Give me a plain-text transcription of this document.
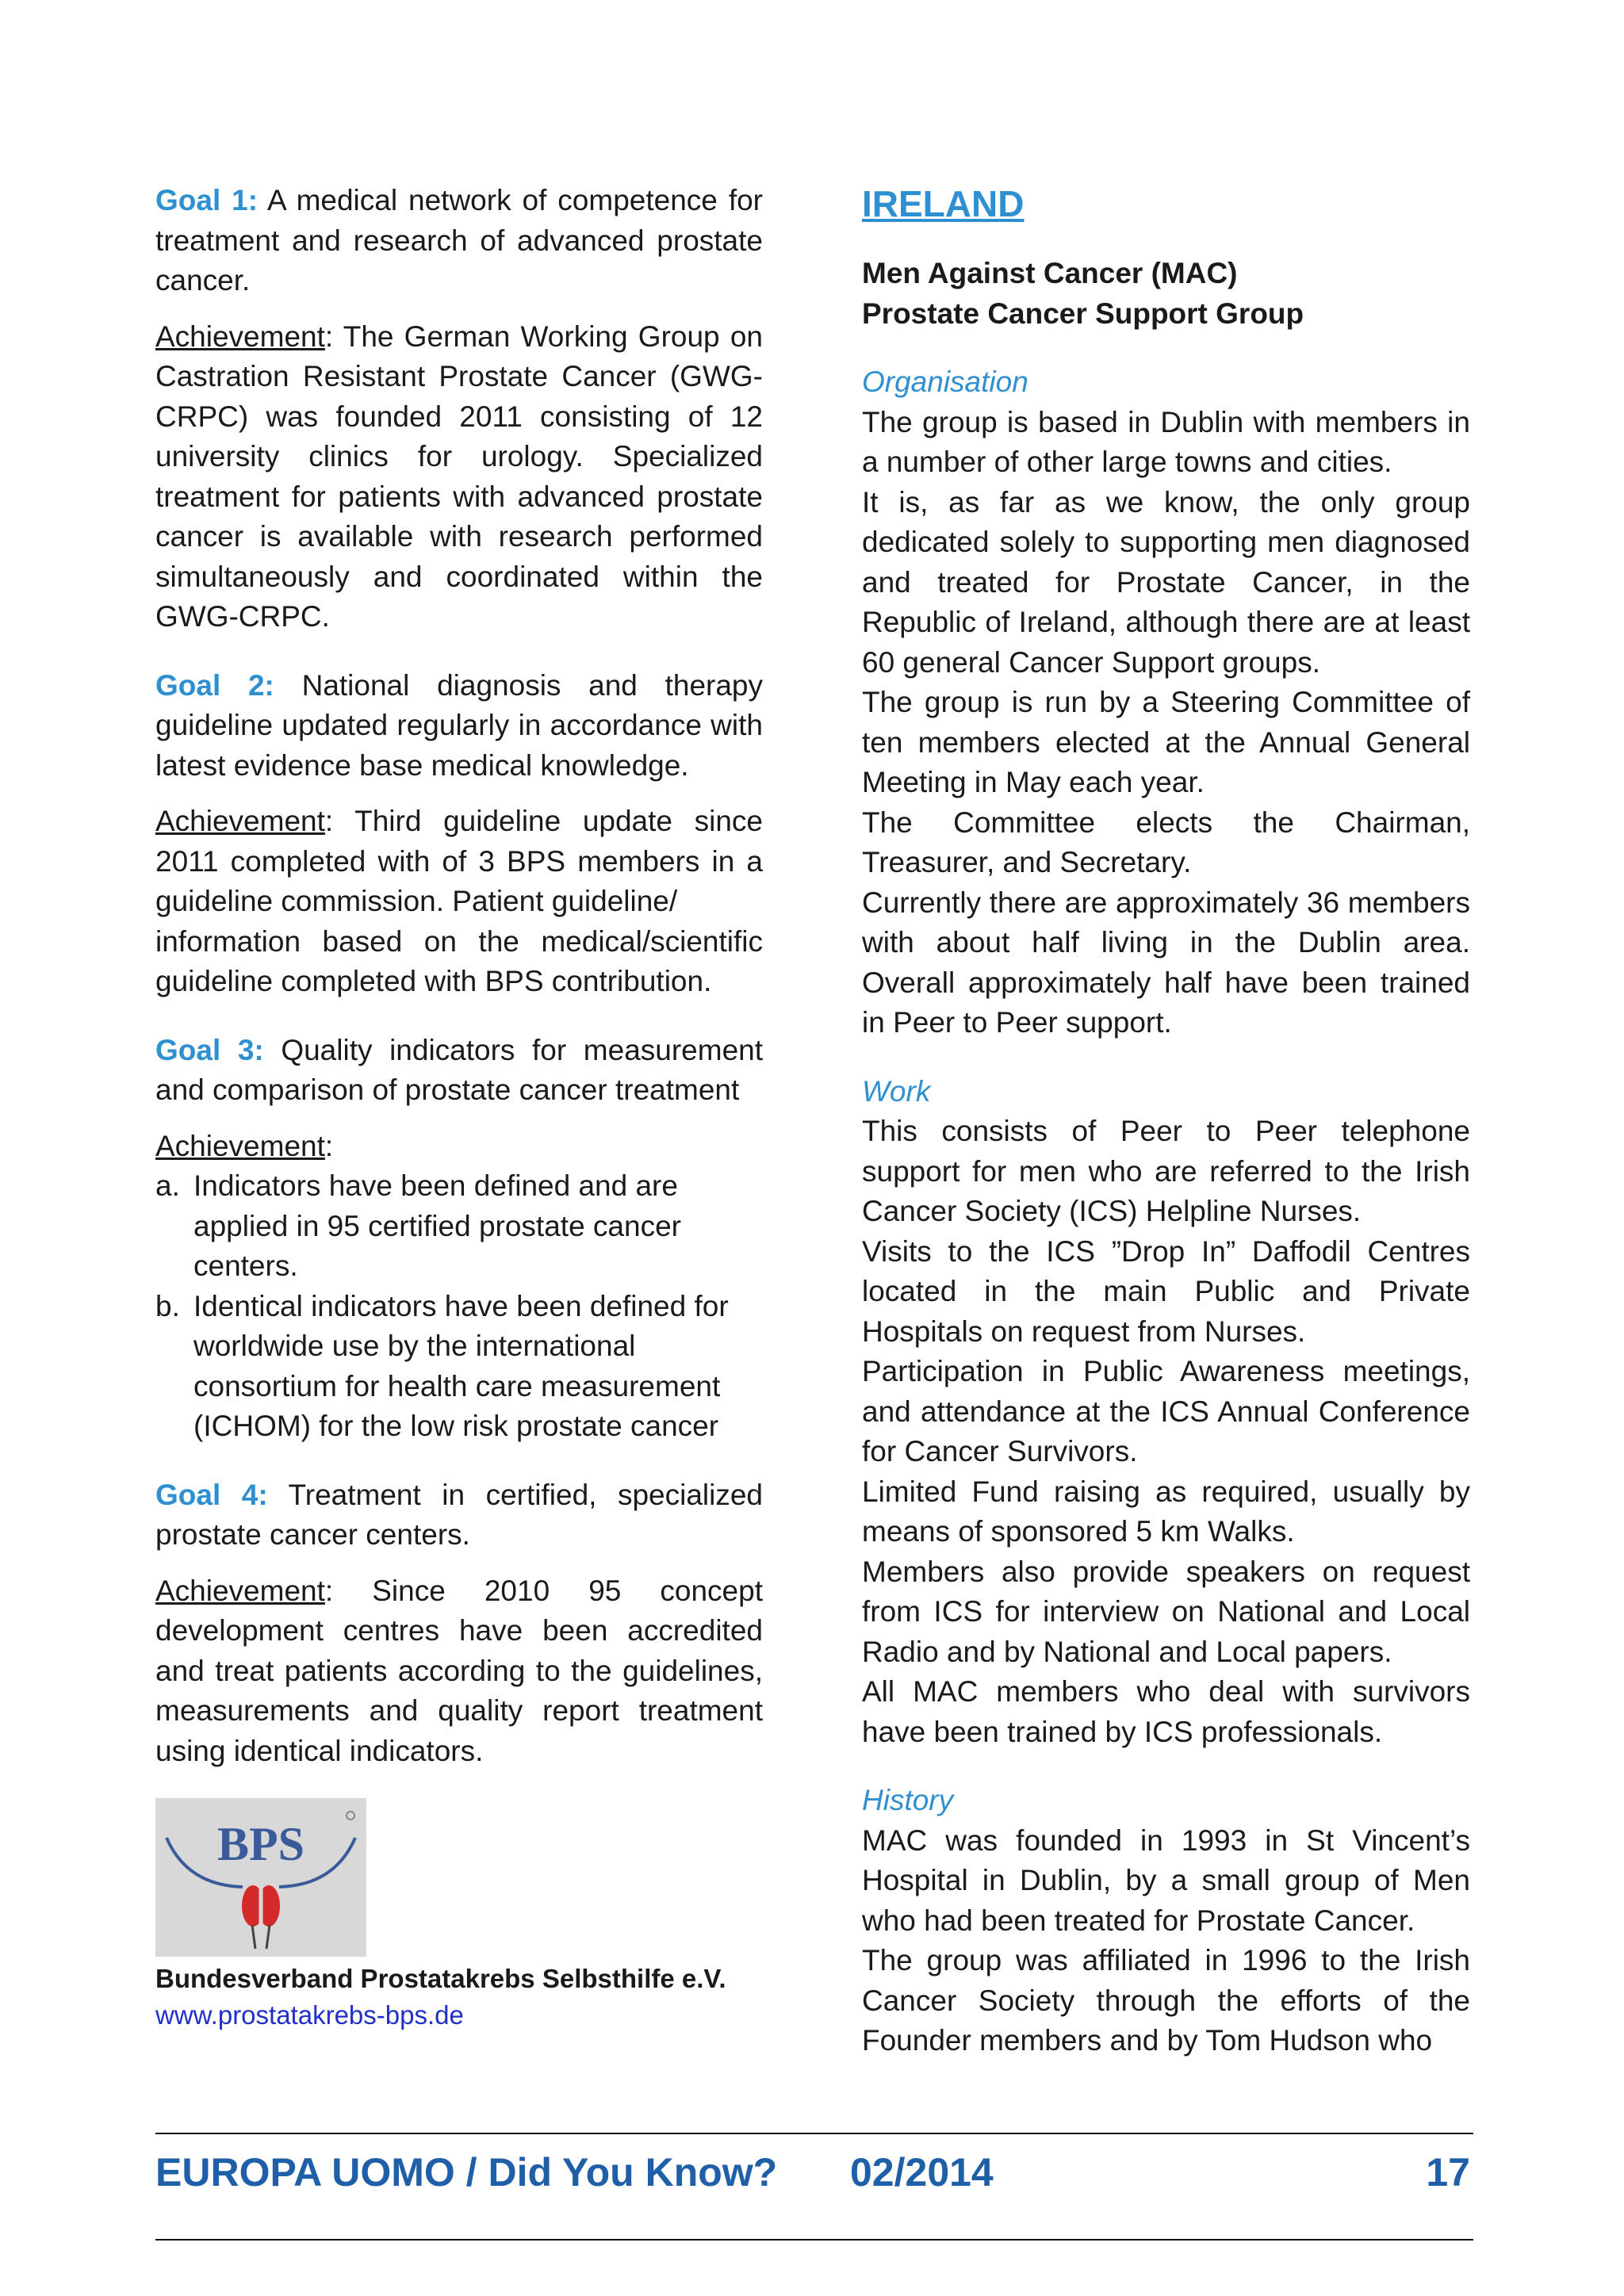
Goal 1: A medical network of competence for treatment and research of advanced prostate cancer.

Achievement: The German Working Group on Castration Resistant Prostate Cancer (GWG-CRPC) was founded 2011 consisting of 12 university clinics for urology. Specialized treatment for patients with advanced prostate cancer is available with research performed simultaneously and coordinated within the GWG-CRPC.

Goal 2: National diagnosis and therapy guideline updated regularly in accordance with latest evidence base medical knowledge.

Achievement: Third guideline update since 2011 completed with of 3 BPS members in a guideline commission. Patient guideline/

information based on the medical/scientific guideline completed with BPS contribution.

Goal 3: Quality indicators for measurement and comparison of prostate cancer treatment

Achievement:

a. Indicators have been defined and are applied in 95 certified prostate cancer centers.
b. Identical indicators have been defined for worldwide use by the international consortium for health care measurement (ICHOM) for the low risk prostate cancer

Goal 4: Treatment in certified, specialized prostate cancer centers.

Achievement: Since 2010 95 concept development centres have been accredited and treat patients according to the guidelines, measurements and quality report treatment using identical indicators.

BPS
Bundesverband Prostatakrebs Selbsthilfe e.V.
www.prostatakrebs-bps.de

IRELAND

Men Against Cancer (MAC)

Prostate Cancer Support Group

Organisation

The group is based in Dublin with members in a number of other large towns and cities.

It is, as far as we know, the only group dedicated solely to supporting men diagnosed and treated for Prostate Cancer, in the Republic of Ireland, although there are at least 60 general Cancer Support groups.

The group is run by a Steering Committee of ten members elected at the Annual General Meeting in May each year.

The Committee elects the Chairman, Treasurer, and Secretary.

Currently there are approximately 36 members with about half living in the Dublin area. Overall approximately half have been trained in Peer to Peer support.

Work

This consists of Peer to Peer telephone support for men who are referred to the Irish Cancer Society (ICS) Helpline Nurses.

Visits to the ICS ”Drop In” Daffodil Centres located in the main Public and Private Hospitals on request from Nurses.

Participation in Public Awareness meetings, and attendance at the ICS Annual Conference for Cancer Survivors.

Limited Fund raising as required, usually by means of sponsored 5 km Walks.

Members also provide speakers on request from ICS for interview on National and Local Radio and by National and Local papers.

All MAC members who deal with survivors have been trained by ICS professionals.

History

MAC was founded in 1993 in St Vincent’s Hospital in Dublin, by a small group of Men who had been treated for Prostate Cancer.

The group was affiliated in 1996 to the Irish Cancer Society through the efforts of the Founder members and by Tom Hudson who

EUROPA UOMO / Did You Know? 02/2014	17
